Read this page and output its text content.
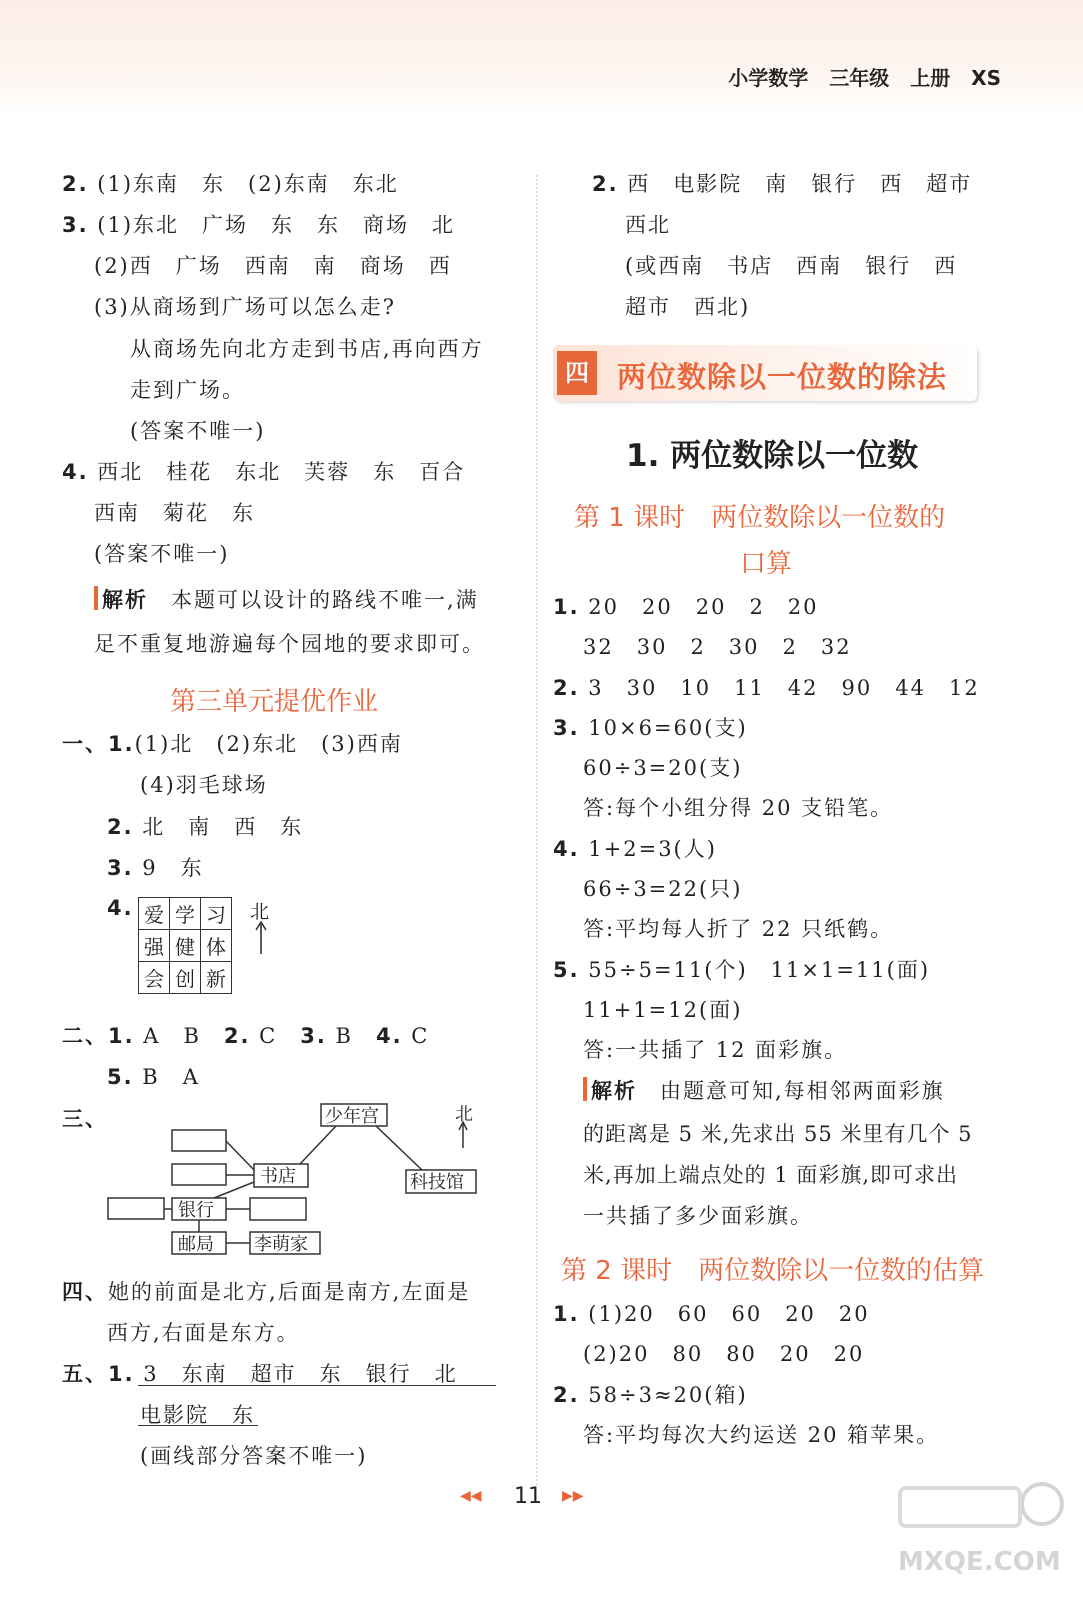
小学数学 三年级 上册 XS
2. (1)东南　东　(2)东南　东北
3. (1)东北　广场　东　东　商场　北
(2)西　广场　西南　南　商场　西
(3)从商场到广场可以怎么走?
从商场先向北方走到书店,再向西方
走到广场。
(答案不唯一)
4. 西北　桂花　东北　芙蓉　东　百合
西南　菊花　东
(答案不唯一)
解析　 本题可以设计的路线不唯一,满
足不重复地游遍每个园地的要求即可。
第三单元提优作业
一、1.(1)北　(2)东北　(3)西南
(4)羽毛球场
2. 北　南　西　东
3. 9　东
4. 爱	学	习
强	健	体
会	创	新
北
二、1. A　B　 2. C　 3. B　 4. C
5. B　A
三、	少年宫
书店	科技馆
银行
邮局 李萌家
北
四、她的前面是北方,后面是南方,左面是
西方,右面是东方。
五、1. 3　东南　超市　东　银行　北
电影院　东
(画线部分答案不唯一)
2. 西　电影院　南　银行　西　超市
西北
(或西南　书店　西南　银行　西
超市　西北)
四 两位数除以一位数的除法
1. 两位数除以一位数
第 1 课时　两位数除以一位数的
口算
1. 20　20　20　2　20
32　30　2　30　2　32
2. 3　30　10　11　42　90　44　12
3. 10×6=60(支)
60÷3=20(支)
答:每个小组分得 20 支铅笔。
4. 1+2=3(人)
66÷3=22(只)
答:平均每人折了 22 只纸鹤。
5. 55÷5=11(个)　11×1=11(面)
11+1=12(面)
答:一共插了 12 面彩旗。
解析　 由题意可知,每相邻两面彩旗
的距离是 5 米,先求出 55 米里有几个 5
米,再加上端点处的 1 面彩旗,即可求出
一共插了多少面彩旗。
第 2 课时　两位数除以一位数的估算
1. (1)20　60　60　20　20
(2)20　80　80　20　20
2. 58÷3≈20(箱)
答:平均每次大约运送 20 箱苹果。
◀◀ 11 ▶▶
MXQE.COM
